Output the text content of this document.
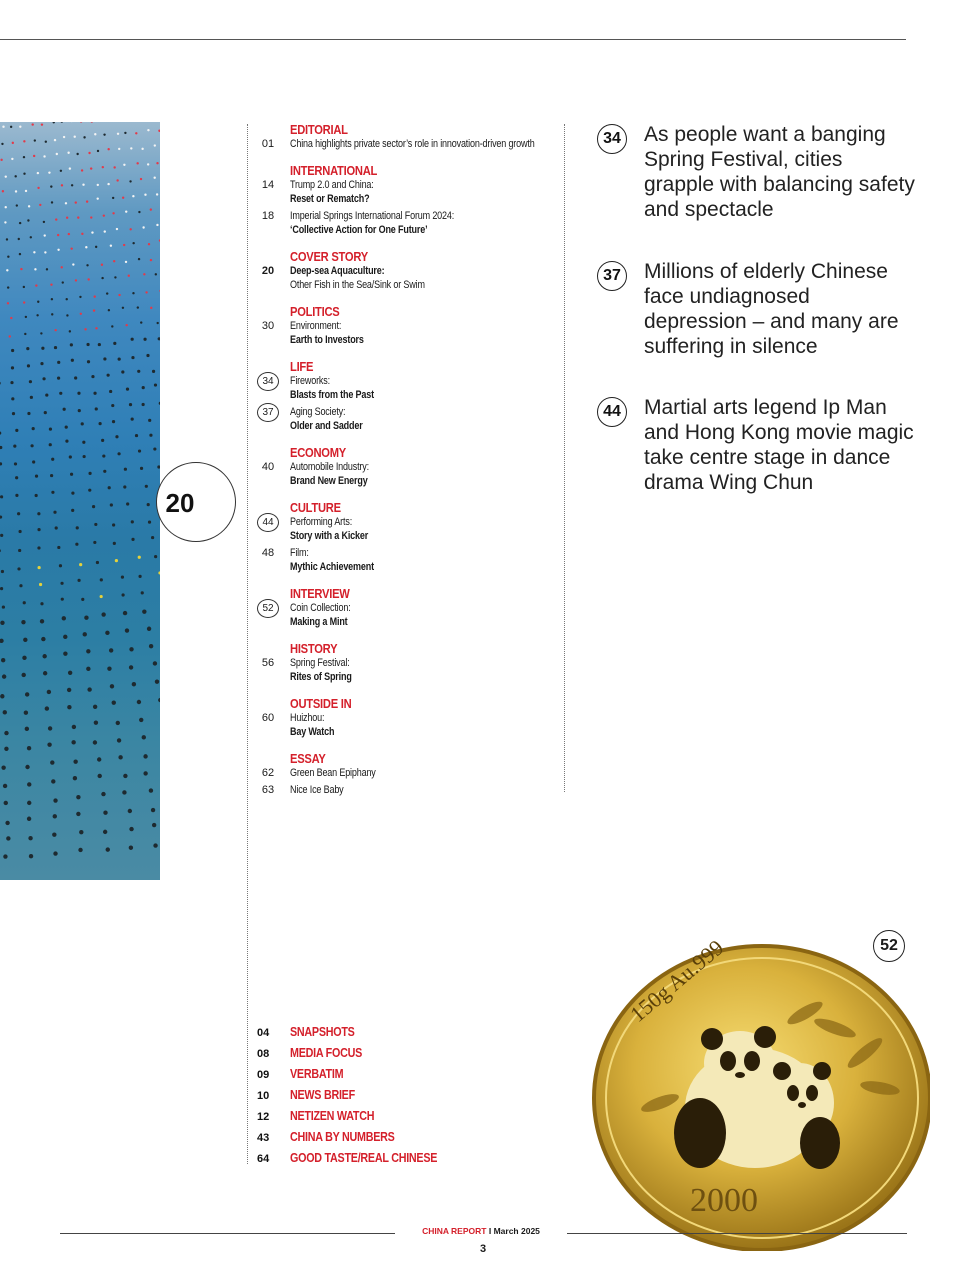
20
EDITORIAL
01	China highlights private sector’s role in innovation-driven growth
INTERNATIONAL
14	Trump 2.0 and China:
Reset or Rematch?
18	Imperial Springs International Forum 2024:
‘Collective Action for One Future’
COVER STORY
20	Deep-sea Aquaculture:
Other Fish in the Sea/Sink or Swim
POLITICS
30	Environment:
Earth to Investors
LIFE
34	Fireworks:
Blasts from the Past
37	Aging Society:
Older and Sadder
ECONOMY
40	Automobile Industry:
Brand New Energy
CULTURE
44	Performing Arts:
Story with a Kicker
48	Film:
Mythic Achievement
INTERVIEW
52	Coin Collection:
Making a Mint
HISTORY
56	Spring Festival:
Rites of Spring
OUTSIDE IN
60	Huizhou:
Bay Watch
ESSAY
62	Green Bean Epiphany
63	Nice Ice Baby
04 SNAPSHOTS
08 MEDIA FOCUS
09 VERBATIM
10 NEWS BRIEF
12 NETIZEN WATCH
43 CHINA BY NUMBERS
64 GOOD TASTE/REAL CHINESE
34 As people want a banging Spring Festival, cities grapple with balancing safety and spectacle
37 Millions of elderly Chinese face undiagnosed depression – and many are suffering in silence
44 Martial arts legend Ip Man and Hong Kong movie magic take centre stage in dance drama Wing Chun
150g Au.999
2000
52
CHINA REPORT I March 2025
3
